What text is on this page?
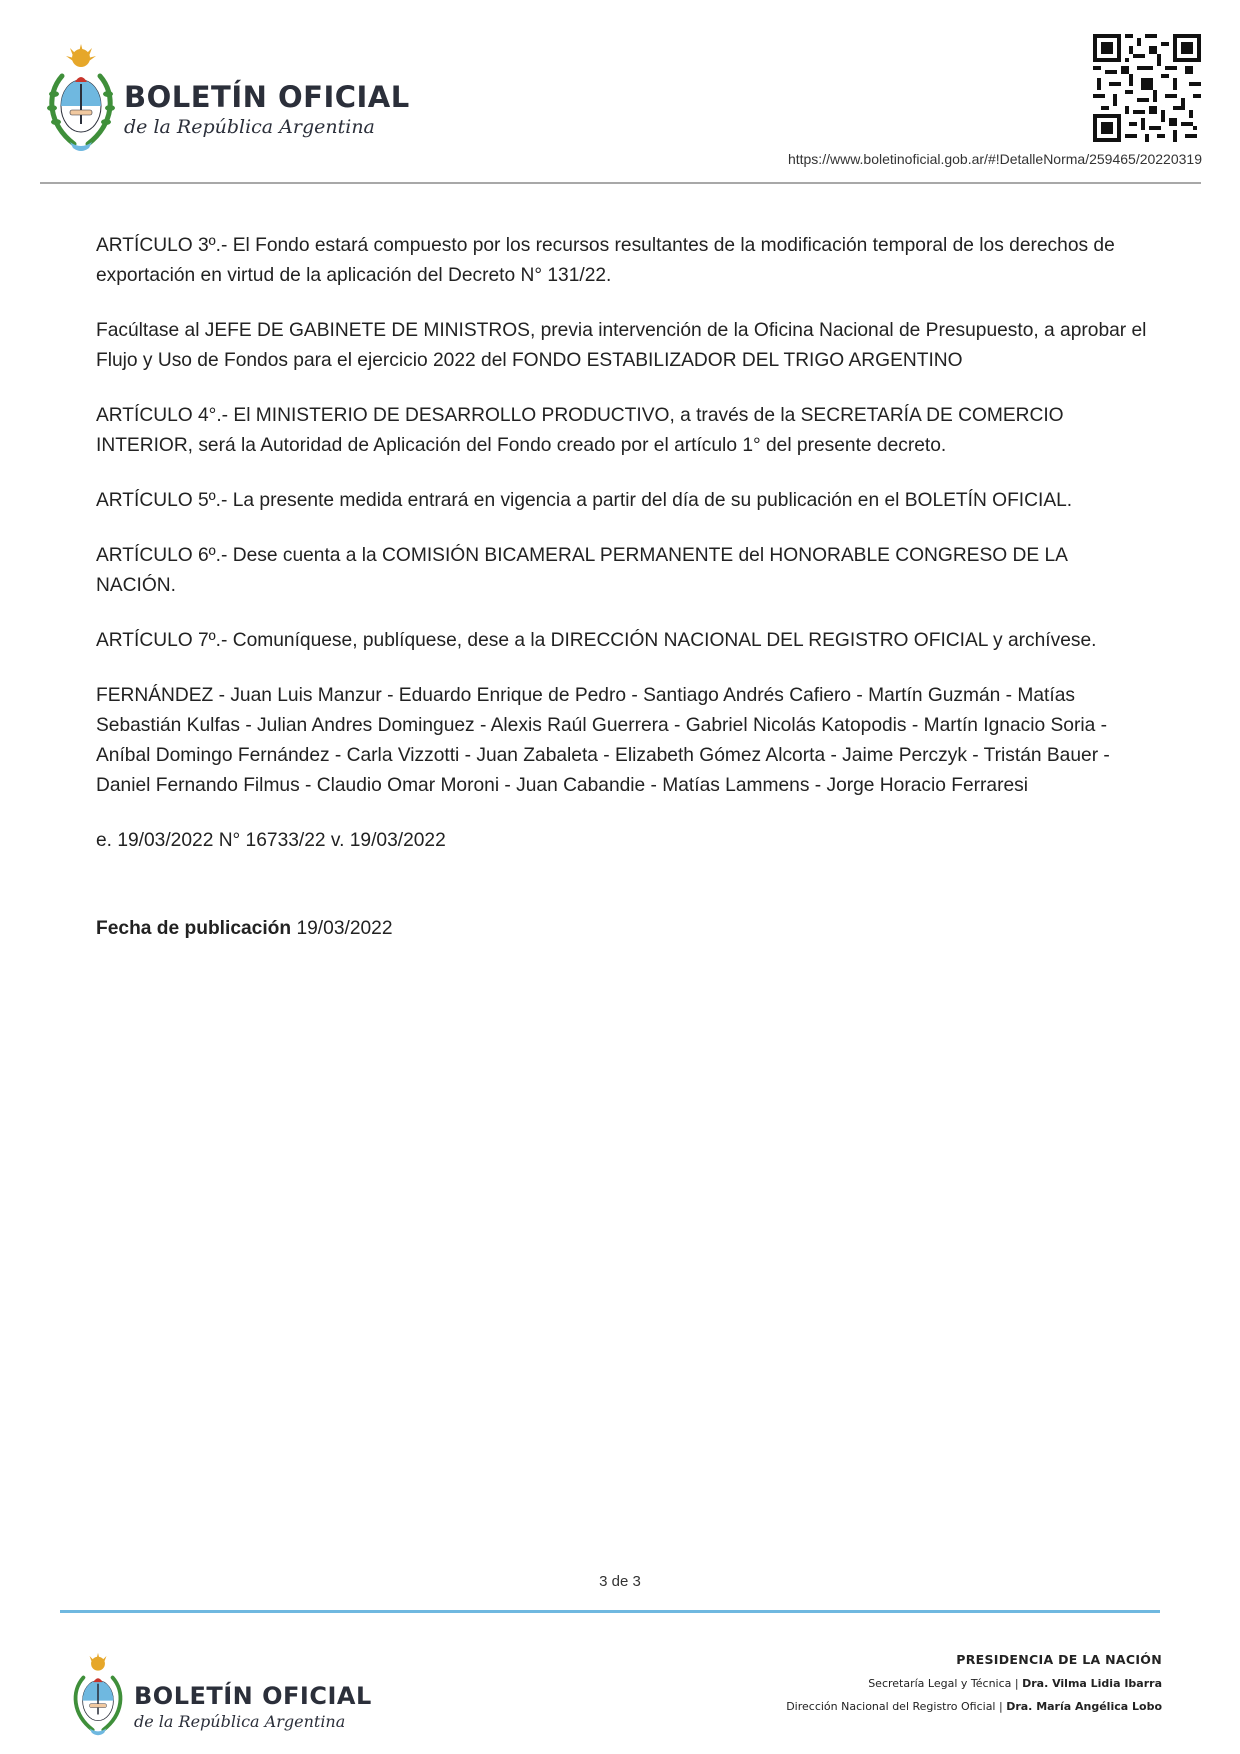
BOLETÍN OFICIAL
de la República Argentina
https://www.boletinoficial.gob.ar/#!DetalleNorma/259465/20220319

ARTÍCULO 3º.- El Fondo estará compuesto por los recursos resultantes de la modificación temporal de los derechos de exportación en virtud de la aplicación del Decreto N° 131/22.

Facúltase al JEFE DE GABINETE DE MINISTROS, previa intervención de la Oficina Nacional de Presupuesto, a aprobar el Flujo y Uso de Fondos para el ejercicio 2022 del FONDO ESTABILIZADOR DEL TRIGO ARGENTINO

ARTÍCULO 4°.- El MINISTERIO DE DESARROLLO PRODUCTIVO, a través de la SECRETARÍA DE COMERCIO INTERIOR, será la Autoridad de Aplicación del Fondo creado por el artículo 1° del presente decreto.

ARTÍCULO 5º.- La presente medida entrará en vigencia a partir del día de su publicación en el BOLETÍN OFICIAL.

ARTÍCULO 6º.- Dese cuenta a la COMISIÓN BICAMERAL PERMANENTE del HONORABLE CONGRESO DE LA NACIÓN.

ARTÍCULO 7º.- Comuníquese, publíquese, dese a la DIRECCIÓN NACIONAL DEL REGISTRO OFICIAL y archívese.

FERNÁNDEZ - Juan Luis Manzur - Eduardo Enrique de Pedro - Santiago Andrés Cafiero - Martín Guzmán - Matías Sebastián Kulfas - Julian Andres Dominguez - Alexis Raúl Guerrera - Gabriel Nicolás Katopodis - Martín Ignacio Soria - Aníbal Domingo Fernández - Carla Vizzotti - Juan Zabaleta - Elizabeth Gómez Alcorta - Jaime Perczyk - Tristán Bauer - Daniel Fernando Filmus - Claudio Omar Moroni - Juan Cabandie - Matías Lammens - Jorge Horacio Ferraresi

e. 19/03/2022 N° 16733/22 v. 19/03/2022

Fecha de publicación 19/03/2022
3 de 3
BOLETÍN OFICIAL
de la República Argentina
PRESIDENCIA DE LA NACIÓN
Secretaría Legal y Técnica | Dra. Vilma Lidia Ibarra
Dirección Nacional del Registro Oficial | Dra. María Angélica Lobo
